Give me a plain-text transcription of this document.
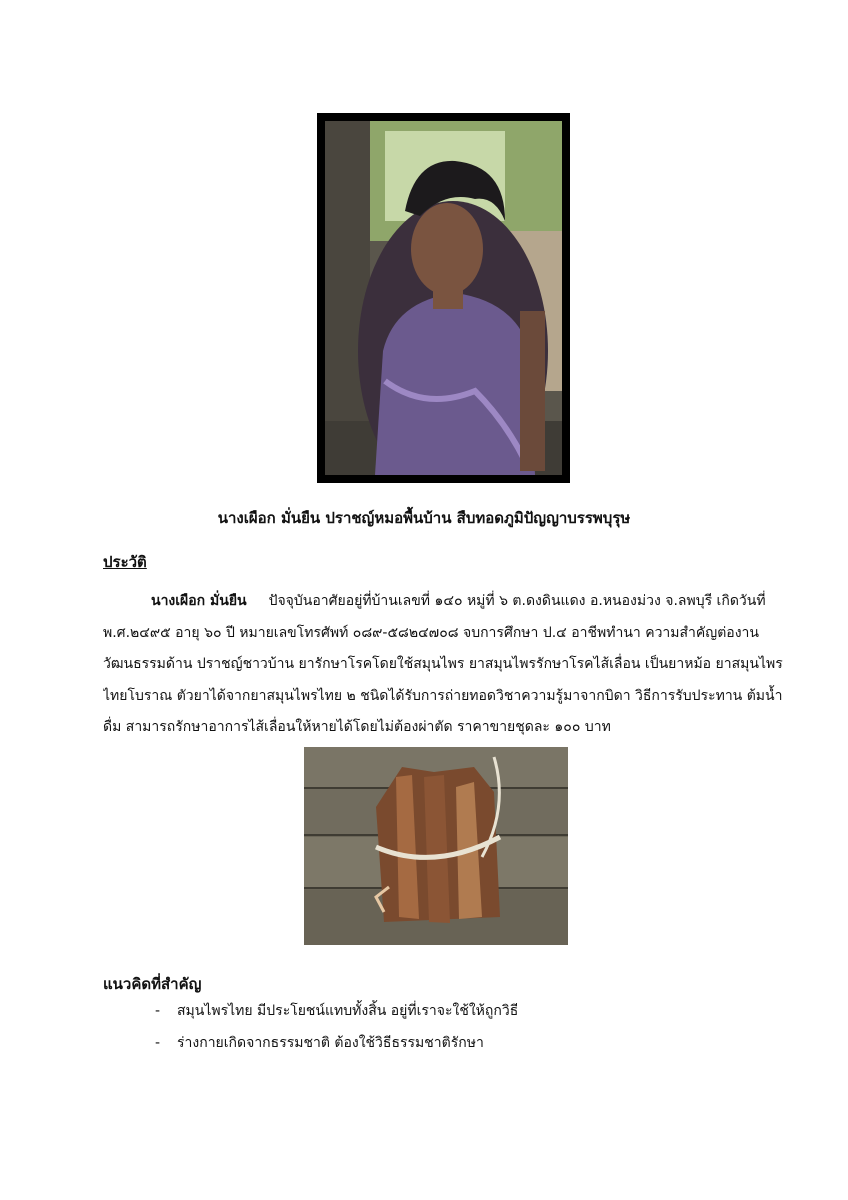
นางเผือก มั่นยืน ปราชญ์หมอพื้นบ้าน สืบทอดภูมิปัญญาบรรพบุรุษ
ประวัติ
นางเผือก มั่นยืน ปัจจุบันอาศัยอยู่ที่บ้านเลขที่ ๑๔๐ หมู่ที่ ๖ ต.ดงดินแดง อ.หนองม่วง จ.ลพบุรี เกิดวันที่
พ.ศ.๒๔๙๕ อายุ ๖๐ ปี หมายเลขโทรศัพท์ ๐๘๙-๕๘๒๔๗๐๘ จบการศึกษา ป.๔ อาชีพทำนา ความสำคัญต่องาน
วัฒนธรรมด้าน ปราชญ์ชาวบ้าน ยารักษาโรคโดยใช้สมุนไพร ยาสมุนไพรรักษาโรคไส้เลื่อน เป็นยาหม้อ ยาสมุนไพร
ไทยโบราณ ตัวยาได้จากยาสมุนไพรไทย ๒ ชนิดได้รับการถ่ายทอดวิชาความรู้มาจากบิดา วิธีการรับประทาน ต้มน้ำ
ดื่ม สามารถรักษาอาการไส้เลื่อนให้หายได้โดยไม่ต้องผ่าตัด ราคาขายชุดละ ๑๐๐ บาท
แนวคิดที่สำคัญ
- สมุนไพรไทย มีประโยชน์แทบทั้งสิ้น อยู่ที่เราจะใช้ให้ถูกวิธี
- ร่างกายเกิดจากธรรมชาติ ต้องใช้วิธีธรรมชาติรักษา
